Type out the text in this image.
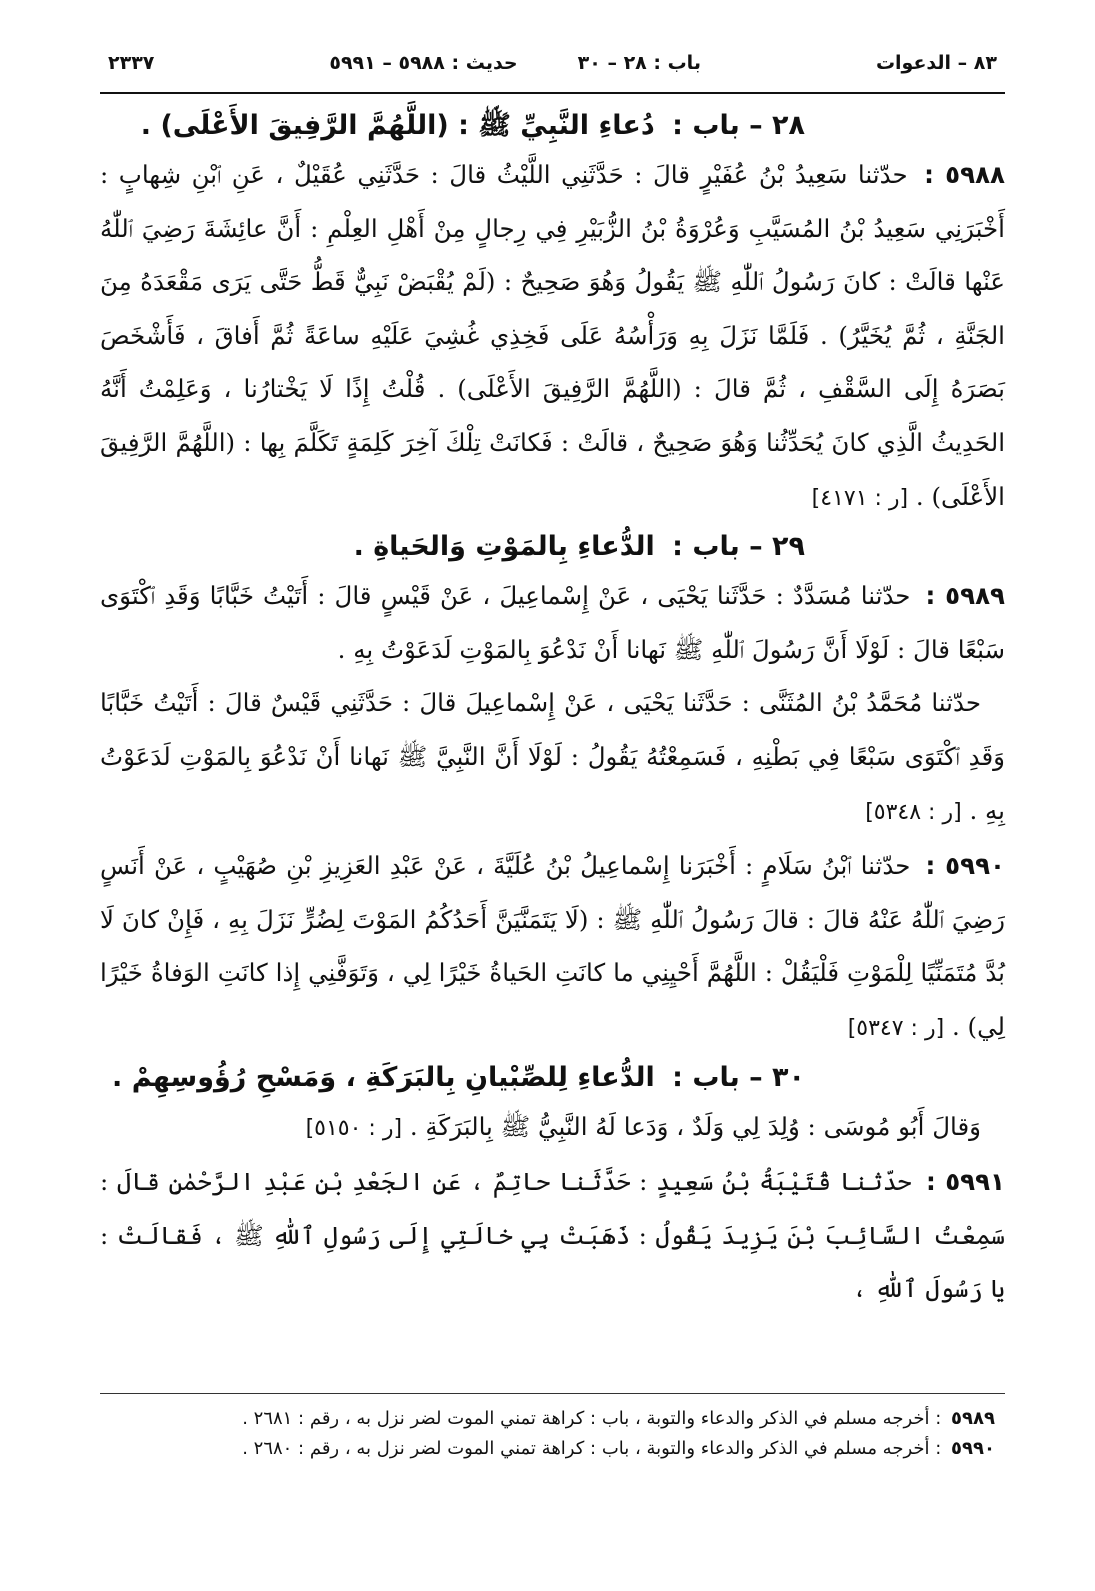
٨٣ – الدعوات
باب : ٢٨ – ٣٠
حديث : ٥٩٨٨ – ٥٩٩١
٢٣٣٧
٢٨ – باب : دُعاءِ النَّبِيِّ ﷺ : (اللَّهُمَّ الرَّفِيقَ الأَعْلَى) .

٥٩٨٨ : حدّثنا سَعِيدُ بْنُ عُفَيْرٍ قالَ : حَدَّثَنِي اللَّيْثُ قالَ : حَدَّثَنِي عُقَيْلٌ ، عَنِ ٱبْنِ شِهابٍ : أَخْبَرَنِي سَعِيدُ بْنُ المُسَيَّبِ وَعُرْوَةُ بْنُ الزُّبَيْرِ فِي رِجالٍ مِنْ أَهْلِ العِلْمِ : أَنَّ عائِشَةَ رَضِيَ ٱللّٰهُ عَنْها قالَتْ : كانَ رَسُولُ ٱللّٰهِ ﷺ يَقُولُ وَهُوَ صَحِيحٌ : (لَمْ يُقْبَضْ نَبِيٌّ قَطُّ حَتَّى يَرَى مَقْعَدَهُ مِنَ الجَنَّةِ ، ثُمَّ يُخَيَّرُ) . فَلَمَّا نَزَلَ بِهِ وَرَأْسُهُ عَلَى فَخِذِي غُشِيَ عَلَيْهِ ساعَةً ثُمَّ أَفاقَ ، فَأَشْخَصَ بَصَرَهُ إِلَى السَّقْفِ ، ثُمَّ قالَ : (اللَّهُمَّ الرَّفِيقَ الأَعْلَى) . قُلْتُ إِذًا لَا يَخْتارُنا ، وَعَلِمْتُ أَنَّهُ الحَدِيثُ الَّذِي كانَ يُحَدِّثُنا وَهُوَ صَحِيحٌ ، قالَتْ : فَكانَتْ تِلْكَ آخِرَ كَلِمَةٍ تَكَلَّمَ بِها : (اللَّهُمَّ الرَّفِيقَ الأَعْلَى) . [ر : ٤١٧١]

٢٩ – باب : الدُّعاءِ بِالمَوْتِ وَالحَياةِ .

٥٩٨٩ : حدّثنا مُسَدَّدٌ : حَدَّثَنا يَحْيَى ، عَنْ إِسْماعِيلَ ، عَنْ قَيْسٍ قالَ : أَتَيْتُ خَبَّابًا وَقَدِ ٱكْتَوَى سَبْعًا قالَ : لَوْلَا أَنَّ رَسُولَ ٱللّٰهِ ﷺ نَهانا أَنْ نَدْعُوَ بِالمَوْتِ لَدَعَوْتُ بِهِ .

حدّثنا مُحَمَّدُ بْنُ المُثَنَّى : حَدَّثَنا يَحْيَى ، عَنْ إِسْماعِيلَ قالَ : حَدَّثَنِي قَيْسٌ قالَ : أَتَيْتُ خَبَّابًا وَقَدِ ٱكْتَوَى سَبْعًا فِي بَطْنِهِ ، فَسَمِعْتُهُ يَقُولُ : لَوْلَا أَنَّ النَّبِيَّ ﷺ نَهانا أَنْ نَدْعُوَ بِالمَوْتِ لَدَعَوْتُ بِهِ . [ر : ٥٣٤٨]

٥٩٩٠ : حدّثنا ٱبْنُ سَلَامٍ : أَخْبَرَنا إِسْماعِيلُ بْنُ عُلَيَّةَ ، عَنْ عَبْدِ العَزِيزِ بْنِ صُهَيْبٍ ، عَنْ أَنَسٍ رَضِيَ ٱللّٰهُ عَنْهُ قالَ : قالَ رَسُولُ ٱللّٰهِ ﷺ : (لَا يَتَمَنَّيَنَّ أَحَدُكُمُ المَوْتَ لِضُرٍّ نَزَلَ بِهِ ، فَإِنْ كانَ لَا بُدَّ مُتَمَنِّيًا لِلْمَوْتِ فَلْيَقُلْ : اللَّهُمَّ أَحْيِنِي ما كانَتِ الحَياةُ خَيْرًا لِي ، وَتَوَفَّنِي إِذا كانَتِ الوَفاةُ خَيْرًا لِي) . [ر : ٥٣٤٧]

٣٠ – باب : الدُّعاءِ لِلصِّبْيانِ بِالبَرَكَةِ ، وَمَسْحِ رُؤُوسِهِمْ .

وَقالَ أَبُو مُوسَى : وُلِدَ لِي وَلَدٌ ، وَدَعا لَهُ النَّبِيُّ ﷺ بِالبَرَكَةِ . [ر : ٥١٥٠]

٥٩٩١ : حدّثنا قُتَيْبَةُ بْنُ سَعِيدٍ : حَدَّثَنا حاتِمٌ ، عَنِ الجَعْدِ بْنِ عَبْدِ الرَّحْمٰنِ قالَ : سَمِعْتُ السَّائِبَ بْنَ يَزِيدَ يَقُولُ : ذَهَبَتْ بِي خالَتِي إِلَى رَسُولِ ٱللّٰهِ ﷺ ، فَقالَتْ : يا رَسُولَ ٱللّٰهِ ،

٥٩٨٩ : أخرجه مسلم في الذكر والدعاء والتوبة ، باب : كراهة تمني الموت لضر نزل به ، رقم : ٢٦٨١ .
٥٩٩٠ : أخرجه مسلم في الذكر والدعاء والتوبة ، باب : كراهة تمني الموت لضر نزل به ، رقم : ٢٦٨٠ .
